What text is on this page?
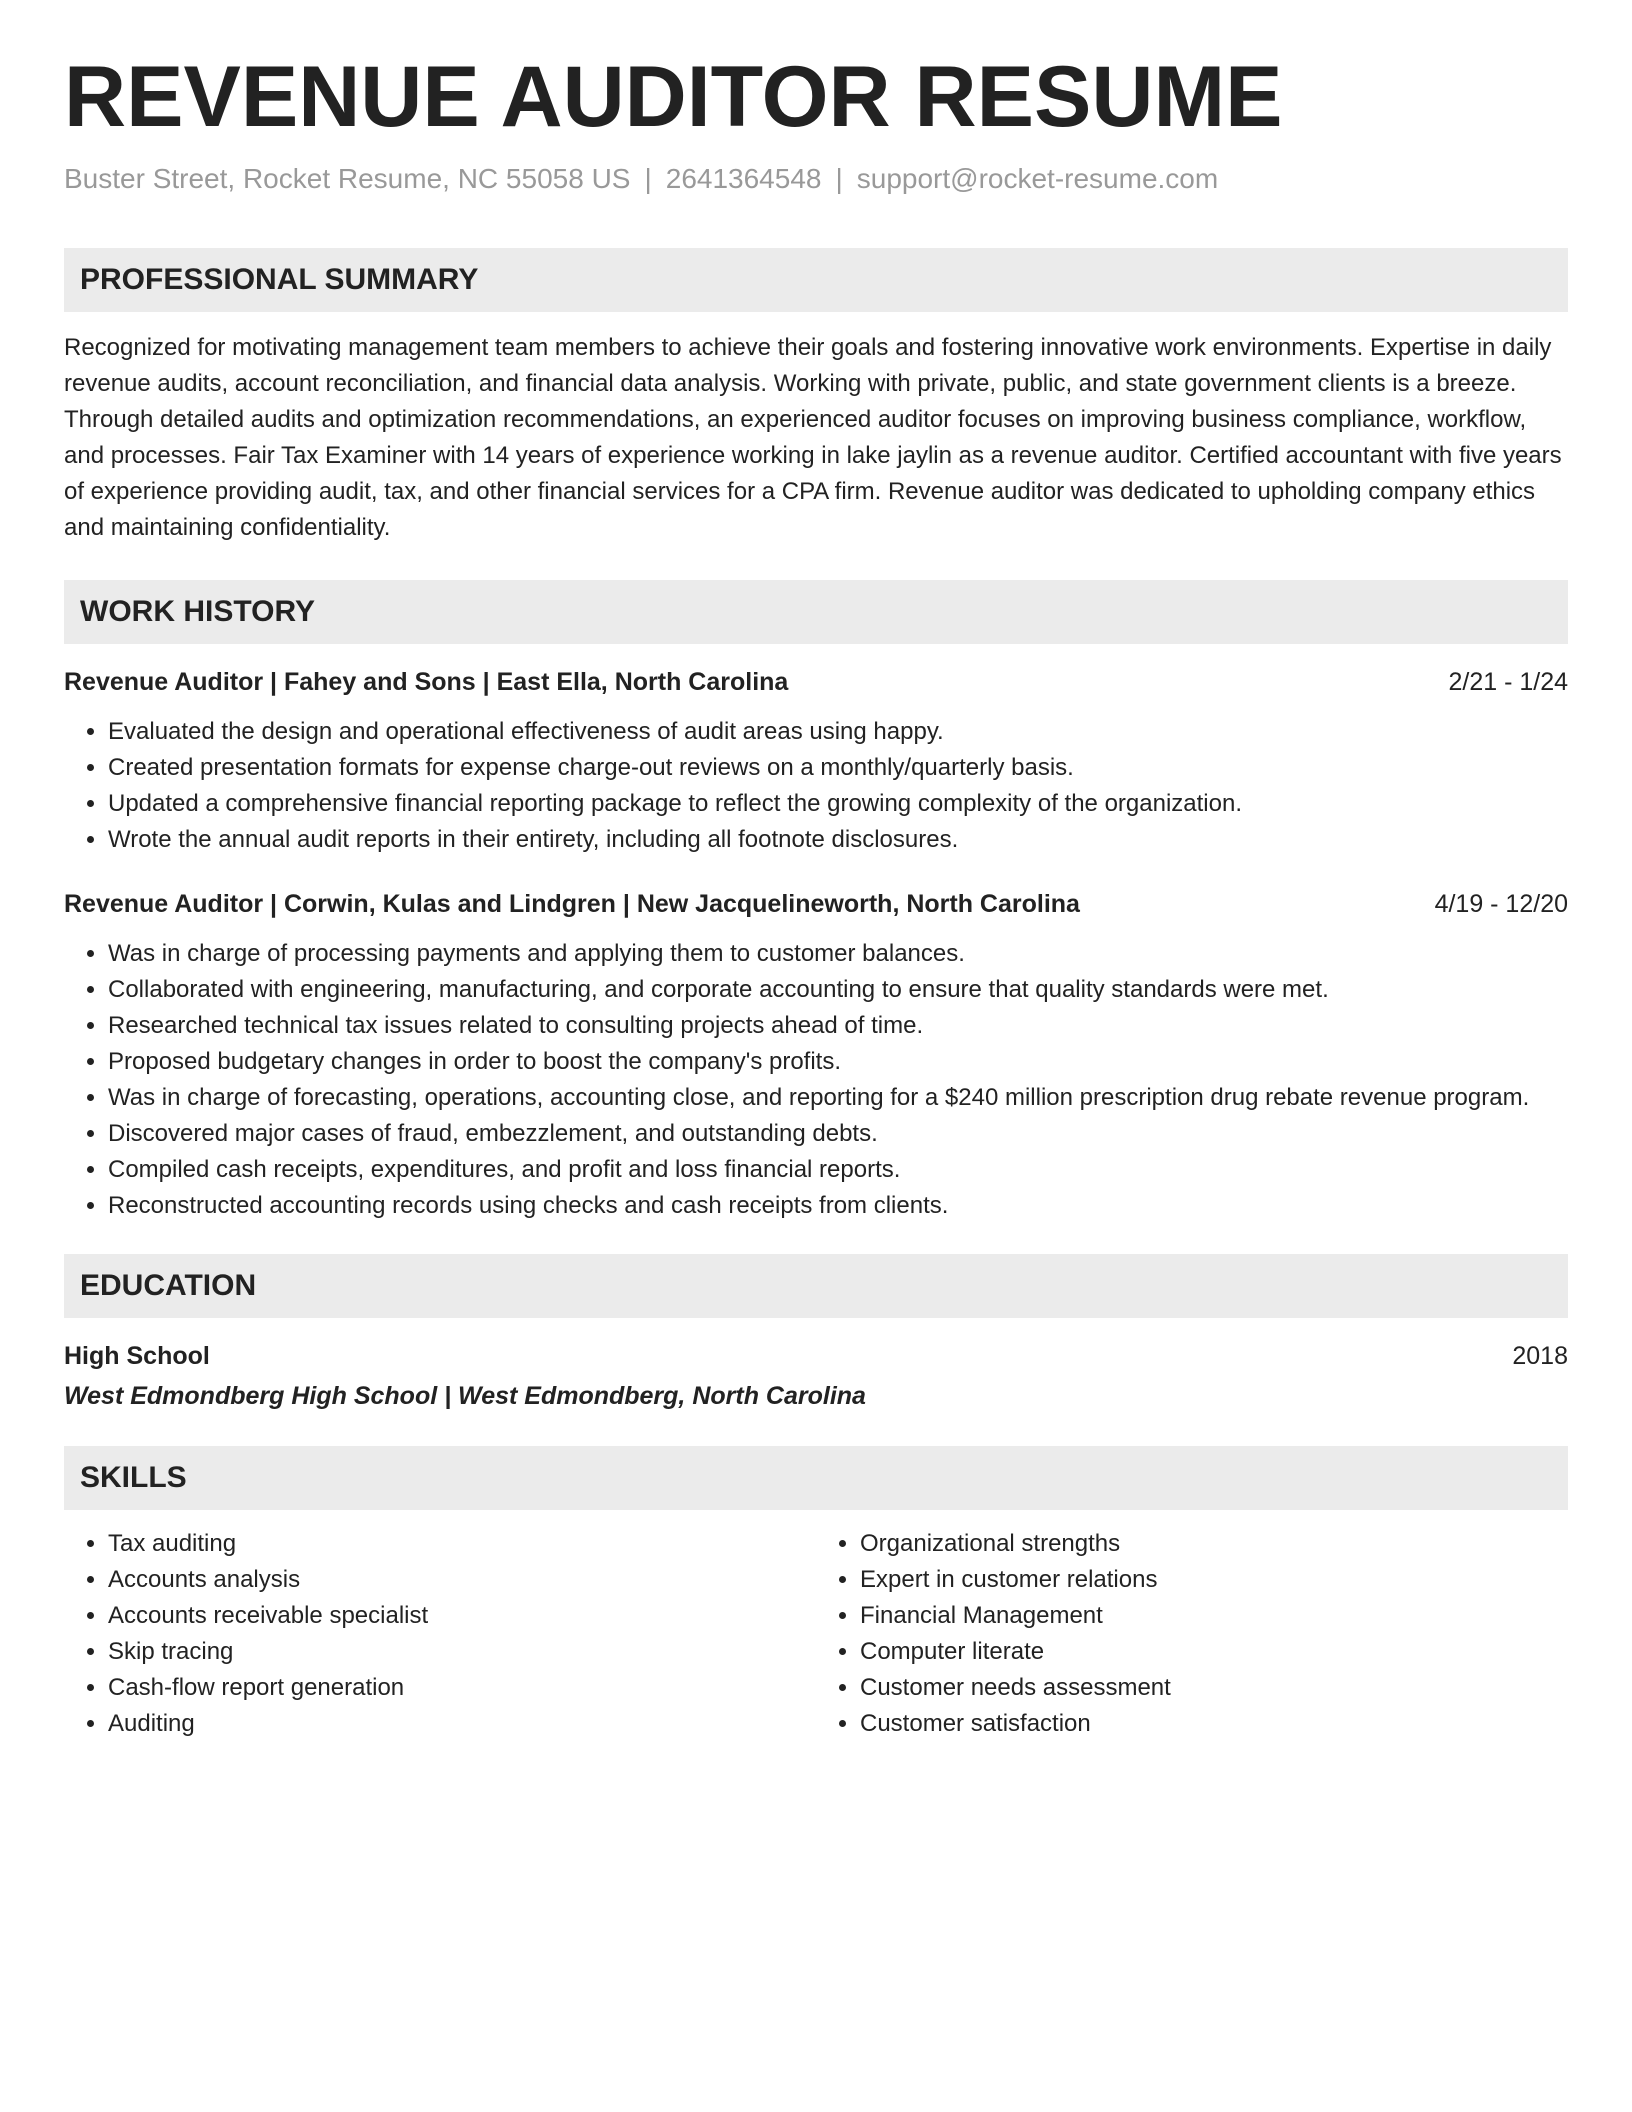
REVENUE AUDITOR RESUME
Buster Street, Rocket Resume, NC 55058 US | 2641364548 | support@rocket-resume.com
PROFESSIONAL SUMMARY
Recognized for motivating management team members to achieve their goals and fostering innovative work environments. Expertise in daily revenue audits, account reconciliation, and financial data analysis. Working with private, public, and state government clients is a breeze. Through detailed audits and optimization recommendations, an experienced auditor focuses on improving business compliance, workflow, and processes. Fair Tax Examiner with 14 years of experience working in lake jaylin as a revenue auditor. Certified accountant with five years of experience providing audit, tax, and other financial services for a CPA firm. Revenue auditor was dedicated to upholding company ethics and maintaining confidentiality.
WORK HISTORY
Revenue Auditor | Fahey and Sons | East Ella, North Carolina	2/21 - 1/24
• Evaluated the design and operational effectiveness of audit areas using happy.
• Created presentation formats for expense charge-out reviews on a monthly/quarterly basis.
• Updated a comprehensive financial reporting package to reflect the growing complexity of the organization.
• Wrote the annual audit reports in their entirety, including all footnote disclosures.
Revenue Auditor | Corwin, Kulas and Lindgren | New Jacquelineworth, North Carolina	4/19 - 12/20
• Was in charge of processing payments and applying them to customer balances.
• Collaborated with engineering, manufacturing, and corporate accounting to ensure that quality standards were met.
• Researched technical tax issues related to consulting projects ahead of time.
• Proposed budgetary changes in order to boost the company's profits.
• Was in charge of forecasting, operations, accounting close, and reporting for a $240 million prescription drug rebate revenue program.
• Discovered major cases of fraud, embezzlement, and outstanding debts.
• Compiled cash receipts, expenditures, and profit and loss financial reports.
• Reconstructed accounting records using checks and cash receipts from clients.
EDUCATION
High School	2018
West Edmondberg High School | West Edmondberg, North Carolina
SKILLS
• Tax auditing
• Accounts analysis
• Accounts receivable specialist
• Skip tracing
• Cash-flow report generation
• Auditing
• Organizational strengths
• Expert in customer relations
• Financial Management
• Computer literate
• Customer needs assessment
• Customer satisfaction
